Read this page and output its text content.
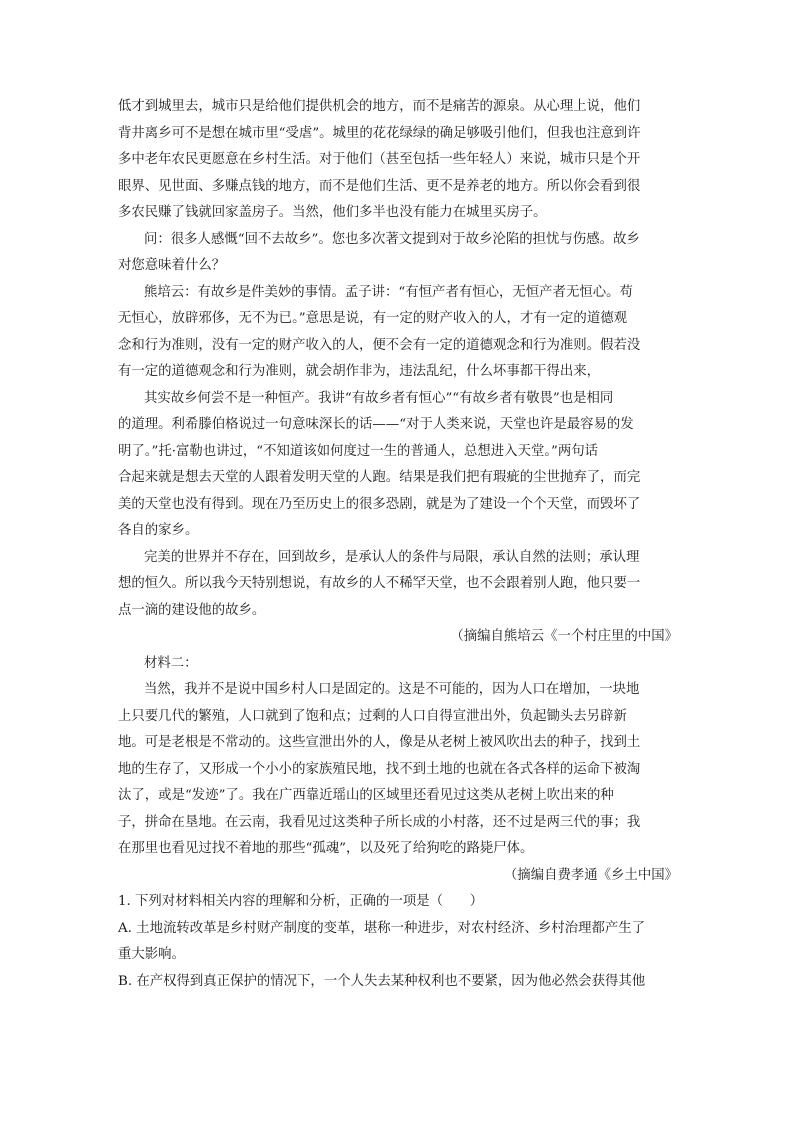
低才到城里去，城市只是给他们提供机会的地方，而不是痛苦的源泉。从心理上说，他们
背井离乡可不是想在城市里“受虐”。城里的花花绿绿的确足够吸引他们，但我也注意到许
多中老年农民更愿意在乡村生活。对于他们（甚至包括一些年轻人）来说，城市只是个开
眼界、见世面、多赚点钱的地方，而不是他们生活、更不是养老的地方。所以你会看到很
多农民赚了钱就回家盖房子。当然，他们多半也没有能力在城里买房子。

问：很多人感慨“回不去故乡”。您也多次著文提到对于故乡沦陷的担忧与伤感。故乡
对您意味着什么？

熊培云：有故乡是件美妙的事情。孟子讲：“有恒产者有恒心，无恒产者无恒心。苟
无恒心，放辟邪侈，无不为已。”意思是说，有一定的财产收入的人，才有一定的道德观
念和行为准则，没有一定的财产收入的人，便不会有一定的道德观念和行为准则。假若没
有一定的道德观念和行为准则，就会胡作非为，违法乱纪，什么坏事都干得出来，

其实故乡何尝不是一种恒产。我讲“有故乡者有恒心”“有故乡者有敬畏”也是相同
的道理。利希滕伯格说过一句意味深长的话——“对于人类来说，天堂也许是最容易的发
明了。”托·富勒也讲过，“不知道该如何度过一生的普通人，总想进入天堂。”两句话
合起来就是想去天堂的人跟着发明天堂的人跑。结果是我们把有瑕疵的尘世抛弃了，而完
美的天堂也没有得到。现在乃至历史上的很多恐剧，就是为了建设一个个天堂，而毁坏了
各自的家乡。

完美的世界并不存在，回到故乡，是承认人的条件与局限，承认自然的法则；承认理
想的恒久。所以我今天特别想说，有故乡的人不稀罕天堂，也不会跟着别人跑，他只要一
点一滴的建设他的故乡。

（摘编自熊培云《一个村庄里的中国》

材料二：

当然，我并不是说中国乡村人口是固定的。这是不可能的，因为人口在增加，一块地
上只要几代的繁殖，人口就到了饱和点；过剩的人口自得宣泄出外，负起锄头去另辟新
地。可是老根是不常动的。这些宣泄出外的人，像是从老树上被风吹出去的种子，找到土
地的生存了，又形成一个小小的家族殖民地，找不到土地的也就在各式各样的运命下被淘
汰了，或是“发迹”了。我在广西靠近瑶山的区域里还看见过这类从老树上吹出来的种
子，拼命在垦地。在云南，我看见过这类种子所长成的小村落，还不过是两三代的事；我
在那里也看见过找不着地的那些“孤魂”，以及死了给狗吃的路毙尸体。

（摘编自费孝通《乡土中国》

1. 下列对材料相关内容的理解和分析，正确的一项是（　　）

A. 土地流转改革是乡村财产制度的变革，堪称一种进步，对农村经济、乡村治理都产生了
重大影响。

B. 在产权得到真正保护的情况下，一个人失去某种权利也不要紧，因为他必然会获得其他
